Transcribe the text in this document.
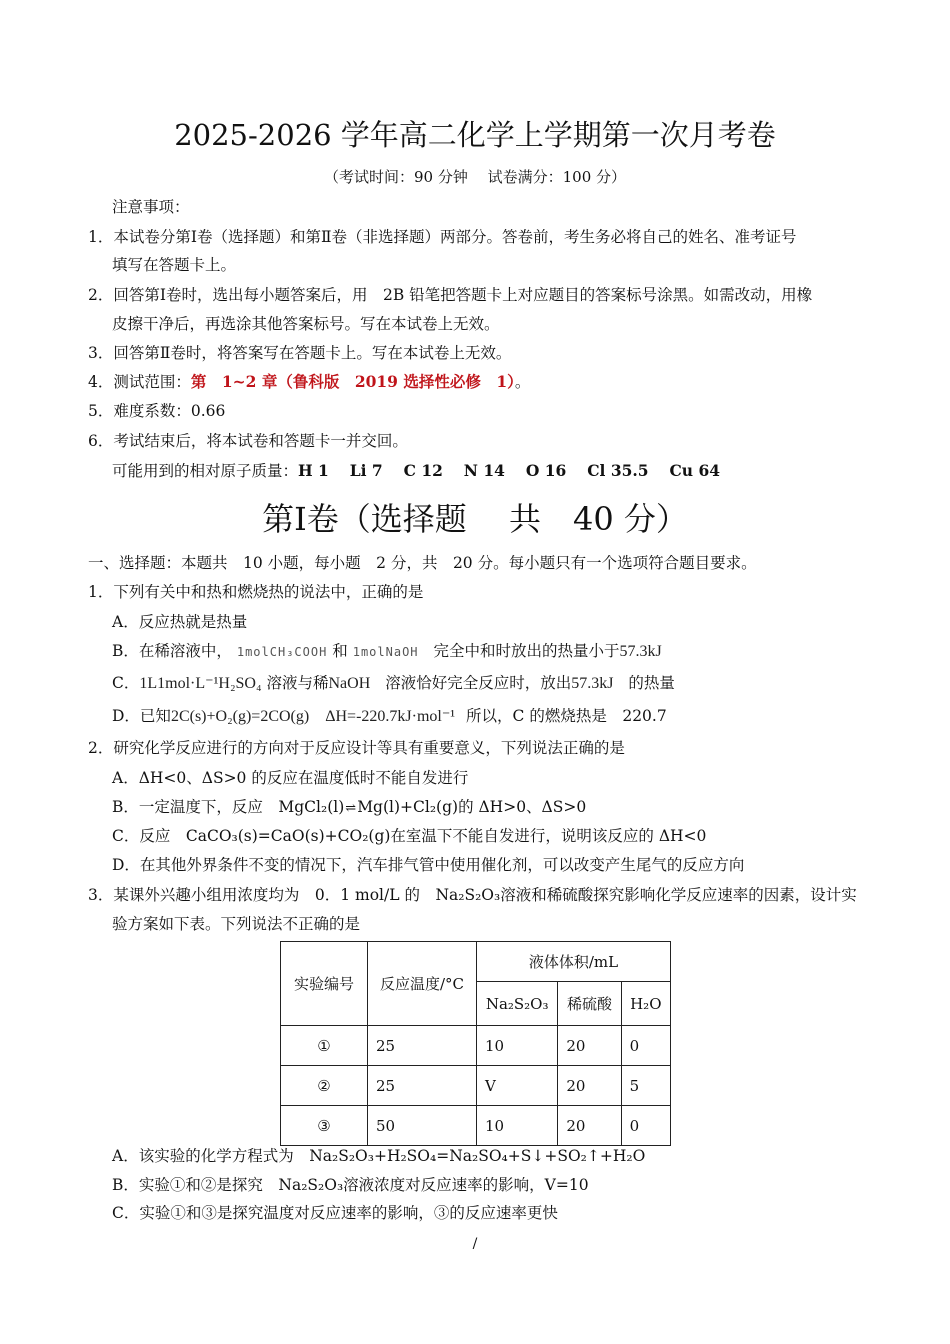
2025-2026 学年高二化学上学期第一次月考卷
（考试时间：90 分钟　 试卷满分：100 分）
注意事项：
1．本试卷分第Ⅰ卷（选择题）和第Ⅱ卷（非选择题）两部分。答卷前，考生务必将自己的姓名、准考证号
填写在答题卡上。
2．回答第Ⅰ卷时，选出每小题答案后，用　2B 铅笔把答题卡上对应题目的答案标号涂黑。如需改动，用橡
皮擦干净后，再选涂其他答案标号。写在本试卷上无效。
3．回答第Ⅱ卷时，将答案写在答题卡上。写在本试卷上无效。
4．测试范围：第　1~2 章（鲁科版　2019 选择性必修　1）。
5．难度系数：0.66
6．考试结束后，将本试卷和答题卡一并交回。
可能用到的相对原子质量：H 1　 Li 7　 C 12　 N 14　 O 16　 Cl 35.5　 Cu 64
第Ⅰ卷（选择题　 共　40 分）
一、选择题：本题共　10 小题，每小题　2 分，共　20 分。每小题只有一个选项符合题目要求。
1．下列有关中和热和燃烧热的说法中，正确的是
A．反应热就是热量
B．在稀溶液中， 1molCH₃COOH 和 1molNaOH 完全中和时放出的热量小于57.3kJ
C．1L1mol·L⁻¹H₂SO₄ 溶液与稀NaOH 溶液恰好完全反应时，放出57.3kJ 的热量
D．已知2C(s)+O₂(g)=2CO(g)　ΔH=-220.7kJ·mol⁻¹ 所以，C 的燃烧热是　220.7
2．研究化学反应进行的方向对于反应设计等具有重要意义，下列说法正确的是
A．ΔH<0、ΔS>0 的反应在温度低时不能自发进行
B．一定温度下，反应　MgCl₂(l)⇌Mg(l)+Cl₂(g)的 ΔH>0、ΔS>0
C．反应　CaCO₃(s)=CaO(s)+CO₂(g)在室温下不能自发进行，说明该反应的 ΔH<0
D．在其他外界条件不变的情况下，汽车排气管中使用催化剂，可以改变产生尾气的反应方向
3．某课外兴趣小组用浓度均为　0．1 mol/L 的　Na₂S₂O₃溶液和稀硫酸探究影响化学反应速率的因素，设计实
验方案如下表。下列说法不正确的是
实验编号	反应温度/°C	液体体积/mL		
		Na₂S₂O₃	稀硫酸	H₂O
①	25	10	20	0
②	25	V	20	5
③	50	10	20	0
A．该实验的化学方程式为　Na₂S₂O₃+H₂SO₄=Na₂SO₄+S↓+SO₂↑+H₂O
B．实验①和②是探究　Na₂S₂O₃溶液浓度对反应速率的影响，V=10
C．实验①和③是探究温度对反应速率的影响，③的反应速率更快
/
